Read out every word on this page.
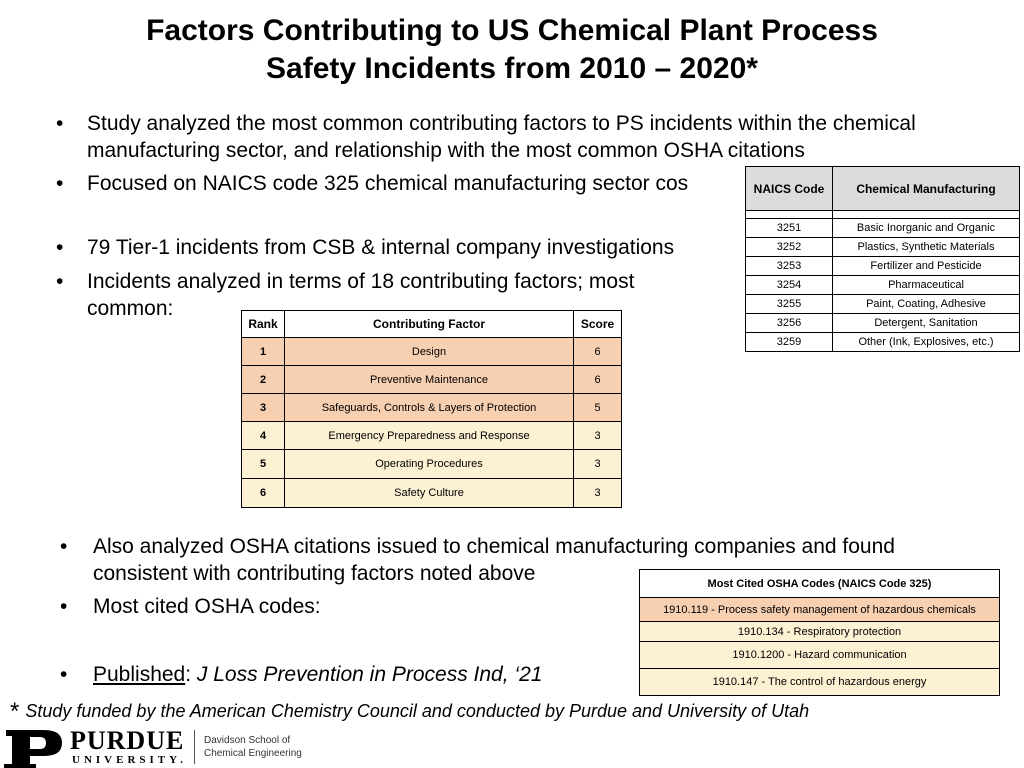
Factors Contributing to US Chemical Plant Process
Safety Incidents from 2010 – 2020*
• Study analyzed the most common contributing factors to PS incidents within the chemical
manufacturing sector, and relationship with the most common OSHA citations
• Focused on NAICS code 325 chemical manufacturing sector cos
• 79 Tier-1 incidents from CSB & internal company investigations
• Incidents analyzed in terms of 18 contributing factors; most
common:
NAICS Code	Chemical Manufacturing

3251	Basic Inorganic and Organic
3252	Plastics, Synthetic Materials
3253	Fertilizer and Pesticide
3254	Pharmaceutical
3255	Paint, Coating, Adhesive
3256	Detergent, Sanitation
3259	Other (Ink, Explosives, etc.)
Rank	Contributing Factor	Score
1	Design	6
2	Preventive Maintenance	6
3	Safeguards, Controls & Layers of Protection	5
4	Emergency Preparedness and Response	3
5	Operating Procedures	3
6	Safety Culture	3
• Also analyzed OSHA citations issued to chemical manufacturing companies and found
consistent with contributing factors noted above
• Most cited OSHA codes:
• Published: J Loss Prevention in Process Ind, ‘21
Most Cited OSHA Codes (NAICS Code 325)
1910.119 - Process safety management of hazardous chemicals
1910.134 - Respiratory protection
1910.1200 - Hazard communication
1910.147 - The control of hazardous energy
* Study funded by the American Chemistry Council and conducted by Purdue and University of Utah
PURDUE
UNIVERSITY.
Davidson School of
Chemical Engineering
